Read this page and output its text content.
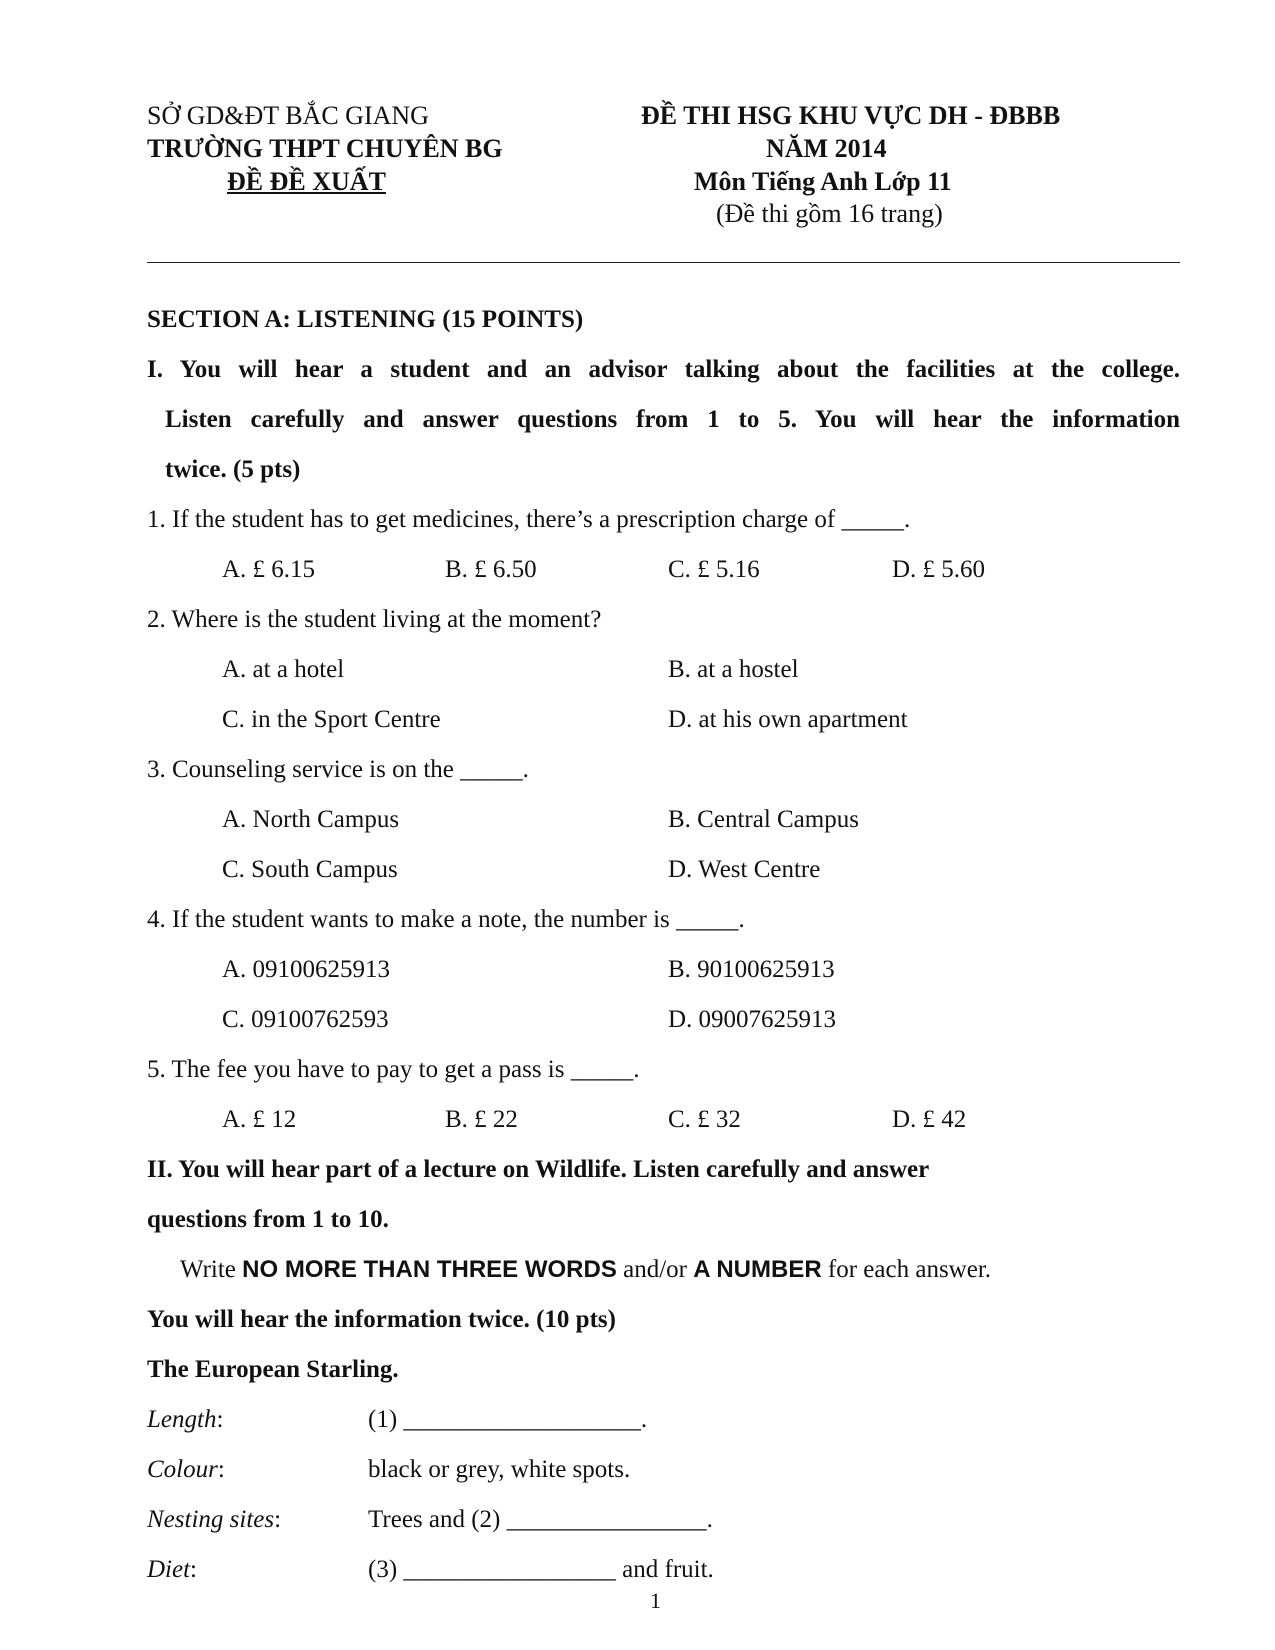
SỞ GD&ĐT BẮC GIANG
TRƯỜNG THPT CHUYÊN BG
ĐỀ ĐỀ XUẤT
ĐỀ THI HSG KHU VỰC DH - ĐBBB
NĂM 2014
Môn Tiếng Anh Lớp 11
(Đề thi gồm 16 trang)
SECTION A: LISTENING (15 POINTS)
I. You will hear a student and an advisor talking about the facilities at the college.
Listen carefully and answer questions from 1 to 5. You will hear the information
twice. (5 pts)
1. If the student has to get medicines, there’s a prescription charge of _____.
A. £ 6.15	B. £ 6.50	C. £ 5.16	D. £ 5.60
2. Where is the student living at the moment?
A. at a hotel	B. at a hostel
C. in the Sport Centre	D. at his own apartment
3. Counseling service is on the _____.
A. North Campus	B. Central Campus
C. South Campus	D. West Centre
4. If the student wants to make a note, the number is _____.
A. 09100625913	B. 90100625913
C. 09100762593	D. 09007625913
5. The fee you have to pay to get a pass is _____.
A. £ 12	B. £ 22	C. £ 32	D. £ 42
II. You will hear part of a lecture on Wildlife. Listen carefully and answer
questions from 1 to 10.
Write NO MORE THAN THREE WORDS and/or A NUMBER for each answer.
You will hear the information twice. (10 pts)
The European Starling.
Length:	(1) ___________________.
Colour:	black or grey, white spots.
Nesting sites:	Trees and (2) ________________.
Diet:	(3) _________________ and fruit.
1
